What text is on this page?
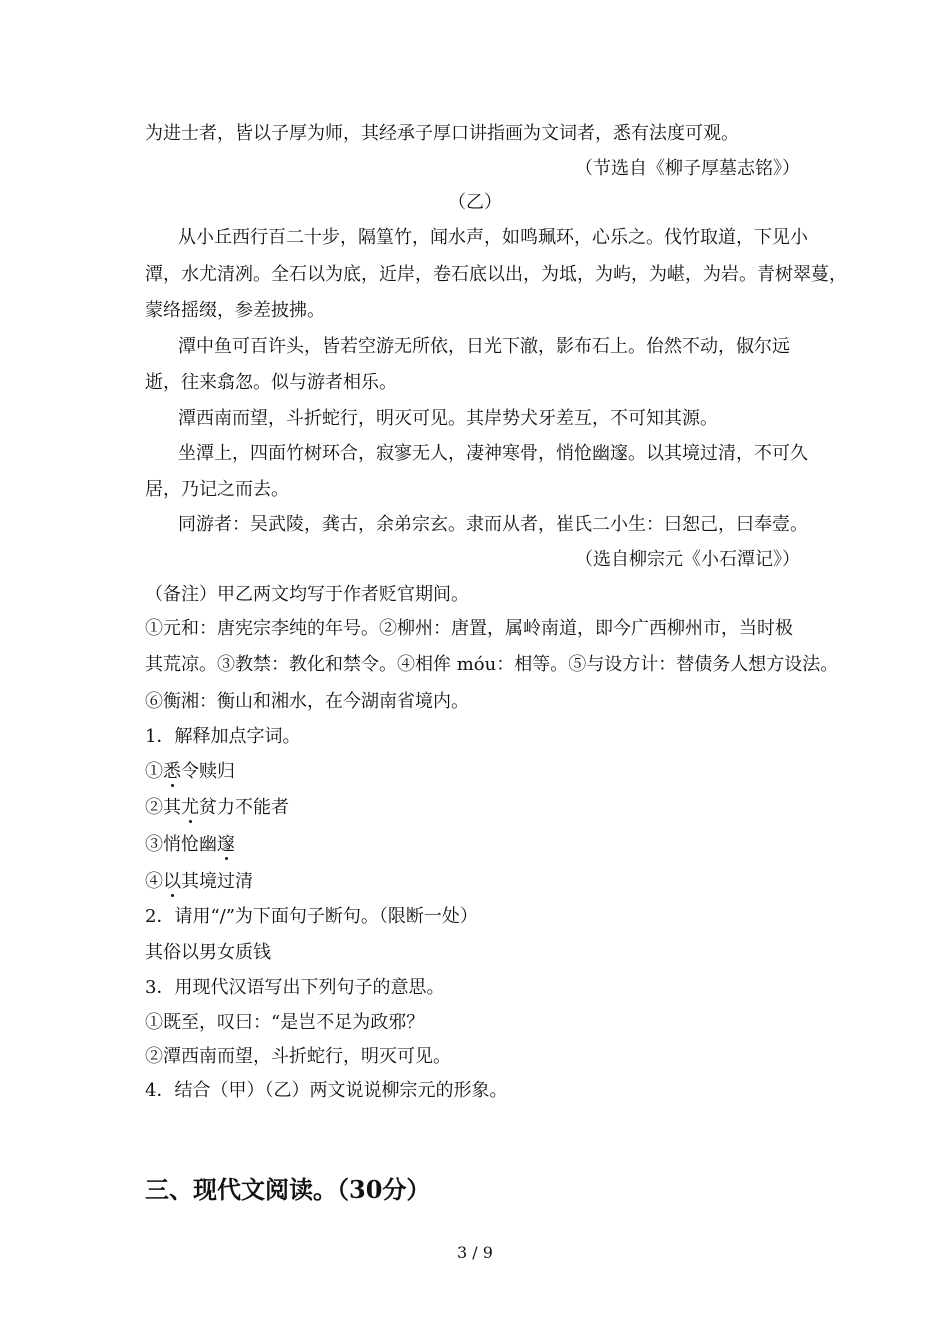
为进士者，皆以子厚为师，其经承子厚口讲指画为文词者，悉有法度可观。
（节选自《柳子厚墓志铭》）
（乙）
从小丘西行百二十步，隔篁竹，闻水声，如鸣珮环，心乐之。伐竹取道，下见小
潭，水尤清冽。全石以为底，近岸，卷石底以出，为坻，为屿，为嵁，为岩。青树翠蔓，
蒙络摇缀，参差披拂。
潭中鱼可百许头，皆若空游无所依，日光下澈，影布石上。佁然不动，俶尔远
逝，往来翕忽。似与游者相乐。
潭西南而望，斗折蛇行，明灭可见。其岸势犬牙差互，不可知其源。
坐潭上，四面竹树环合，寂寥无人，凄神寒骨，悄怆幽邃。以其境过清，不可久
居，乃记之而去。
同游者：吴武陵，龚古，余弟宗玄。隶而从者，崔氏二小生：曰恕己，曰奉壹。
（选自柳宗元《小石潭记》）
（备注）甲乙两文均写于作者贬官期间。
①元和：唐宪宗李纯的年号。②柳州：唐置，属岭南道，即今广西柳州市，当时极
其荒凉。③教禁：教化和禁令。④相侔 móu：相等。⑤与设方计：替债务人想方设法。
⑥衡湘：衡山和湘水，在今湖南省境内。
1．解释加点字词。
①悉令赎归
②其尤贫力不能者
③悄怆幽邃
④以其境过清
2．请用“/”为下面句子断句。（限断一处）
其俗以男女质钱
3．用现代汉语写出下列句子的意思。
①既至，叹曰：“是岂不足为政邪？
②潭西南而望，斗折蛇行，明灭可见。
4．结合（甲）（乙）两文说说柳宗元的形象。
三、现代文阅读。（30分）
3 / 9
